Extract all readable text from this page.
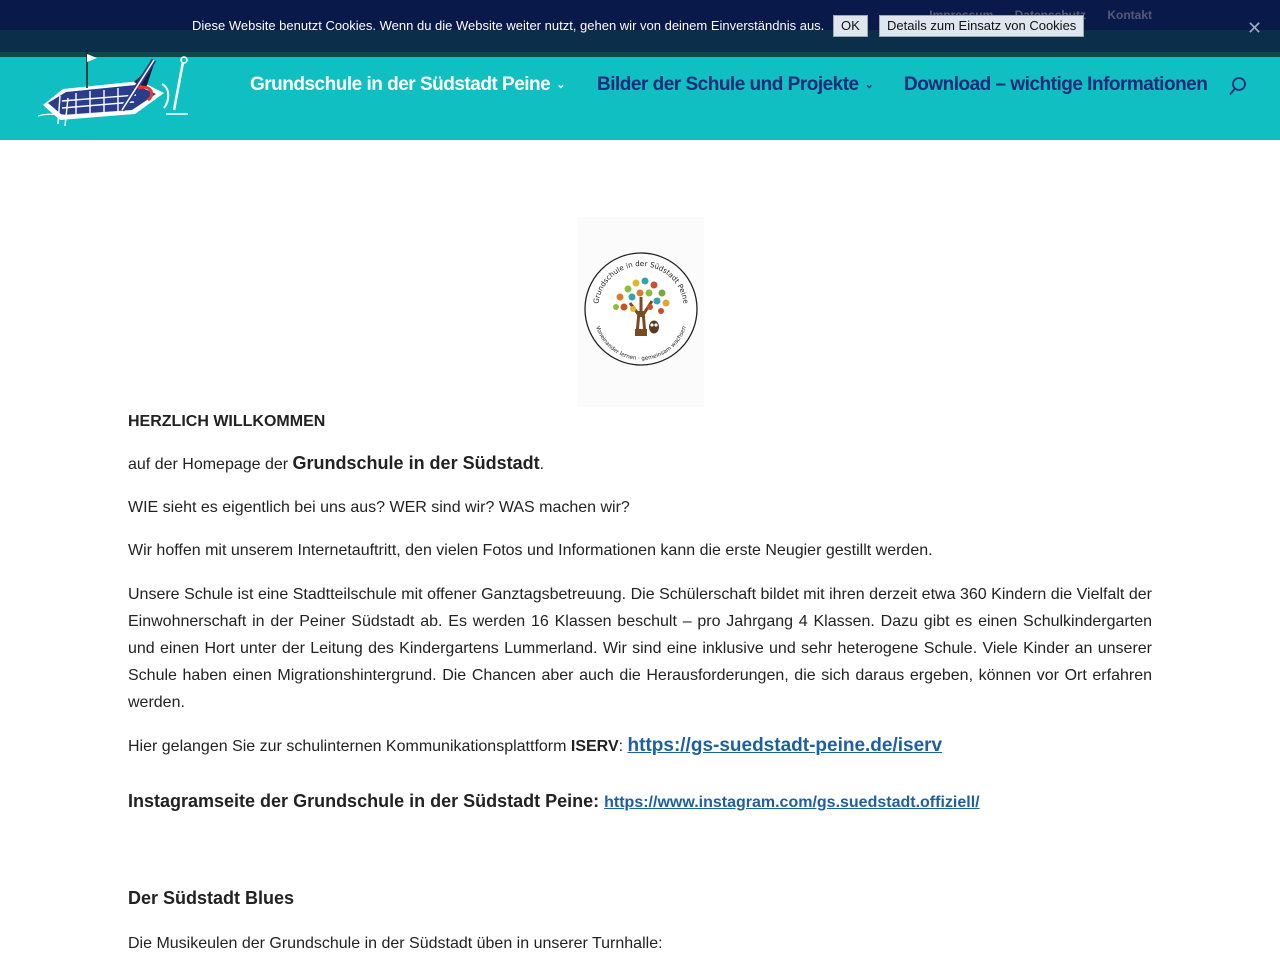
Grundschule in der Südstadt Peine ⌄ Bilder der Schule und Projekte ⌄ Download – wichtige Informationen
Diese Website benutzt Cookies. Wenn du die Website weiter nutzt, gehen wir von deinem Einverständnis aus.	OK	Details zum Einsatz von Cookies	✕
Grundschule in der Südstadt Peine
Voneinander lernen · gemeinsam wachsen
HERZLICH WILLKOMMEN
auf der Homepage der Grundschule in der Südstadt.
WIE sieht es eigentlich bei uns aus? WER sind wir? WAS machen wir?
Wir hoffen mit unserem Internetauftritt, den vielen Fotos und Informationen kann die erste Neugier gestillt werden.
Unsere Schule ist eine Stadtteilschule mit offener Ganztagsbetreuung. Die Schülerschaft bildet mit ihren derzeit etwa 360 Kindern die Vielfalt der Einwohnerschaft in der Peiner Südstadt ab. Es werden 16 Klassen beschult – pro Jahrgang 4 Klassen. Dazu gibt es einen Schulkindergarten und einen Hort unter der Leitung des Kindergartens Lummerland. Wir sind eine inklusive und sehr heterogene Schule. Viele Kinder an unserer Schule haben einen Migrationshintergrund. Die Chancen aber auch die Herausforderungen, die sich daraus ergeben, können vor Ort erfahren werden.
Hier gelangen Sie zur schulinternen Kommunikationsplattform ISERV: https://gs-suedstadt-peine.de/iserv
Instagramseite der Grundschule in der Südstadt Peine: https://www.instagram.com/gs.suedstadt.offiziell/
Der Südstadt Blues
Die Musikeulen der Grundschule in der Südstadt üben in unserer Turnhalle:
